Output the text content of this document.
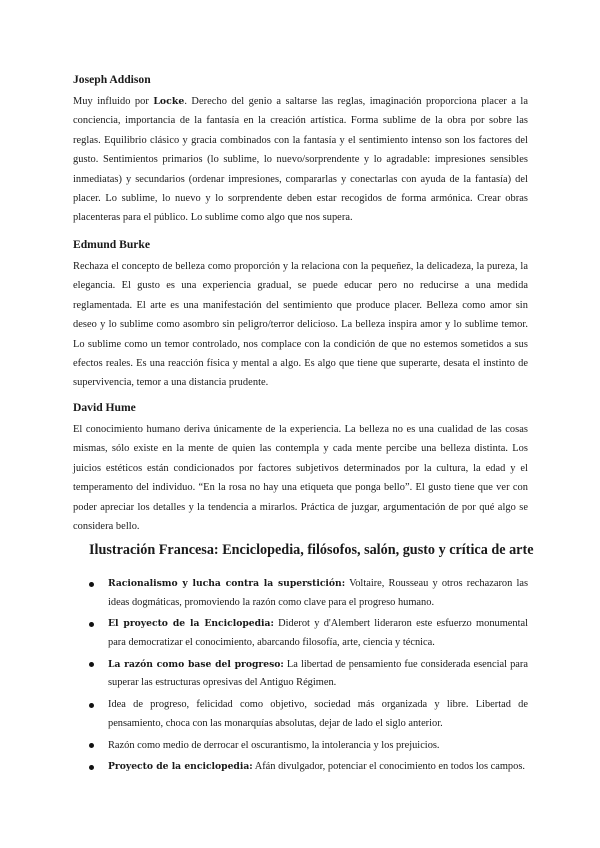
Joseph Addison

Muy influido por Locke. Derecho del genio a saltarse las reglas, imaginación proporciona placer a la conciencia, importancia de la fantasía en la creación artística. Forma sublime de la obra por sobre las reglas. Equilibrio clásico y gracia combinados con la fantasía y el sentimiento intenso son los factores del gusto. Sentimientos primarios (lo sublime, lo nuevo/sorprendente y lo agradable: impresiones sensibles inmediatas) y secundarios (ordenar impresiones, compararlas y conectarlas con ayuda de la fantasía) del placer. Lo sublime, lo nuevo y lo sorprendente deben estar recogidos de forma armónica. Crear obras placenteras para el público. Lo sublime como algo que nos supera.

Edmund Burke

Rechaza el concepto de belleza como proporción y la relaciona con la pequeñez, la delicadeza, la pureza, la elegancia. El gusto es una experiencia gradual, se puede educar pero no reducirse a una medida reglamentada. El arte es una manifestación del sentimiento que produce placer. Belleza como amor sin deseo y lo sublime como asombro sin peligro/terror delicioso. La belleza inspira amor y lo sublime temor. Lo sublime como un temor controlado, nos complace con la condición de que no estemos sometidos a sus efectos reales. Es una reacción física y mental a algo. Es algo que tiene que superarte, desata el instinto de supervivencia, temor a una distancia prudente.

David Hume

El conocimiento humano deriva únicamente de la experiencia. La belleza no es una cualidad de las cosas mismas, sólo existe en la mente de quien las contempla y cada mente percibe una belleza distinta. Los juicios estéticos están condicionados por factores subjetivos determinados por la cultura, la edad y el temperamento del individuo. “En la rosa no hay una etiqueta que ponga bello”. El gusto tiene que ver con poder apreciar los detalles y la tendencia a mirarlos. Práctica de juzgar, argumentación de por qué algo se considera bello.

Ilustración Francesa: Enciclopedia, filósofos, salón, gusto y crítica de arte
Racionalismo y lucha contra la superstición: Voltaire, Rousseau y otros rechazaron las ideas dogmáticas, promoviendo la razón como clave para el progreso humano.
El proyecto de la Enciclopedia: Diderot y d'Alembert lideraron este esfuerzo monumental para democratizar el conocimiento, abarcando filosofía, arte, ciencia y técnica.
La razón como base del progreso: La libertad de pensamiento fue considerada esencial para superar las estructuras opresivas del Antiguo Régimen.
Idea de progreso, felicidad como objetivo, sociedad más organizada y libre. Libertad de pensamiento, choca con las monarquías absolutas, dejar de lado el siglo anterior.
Razón como medio de derrocar el oscurantismo, la intolerancia y los prejuicios.
Proyecto de la enciclopedia: Afán divulgador, potenciar el conocimiento en todos los campos.
